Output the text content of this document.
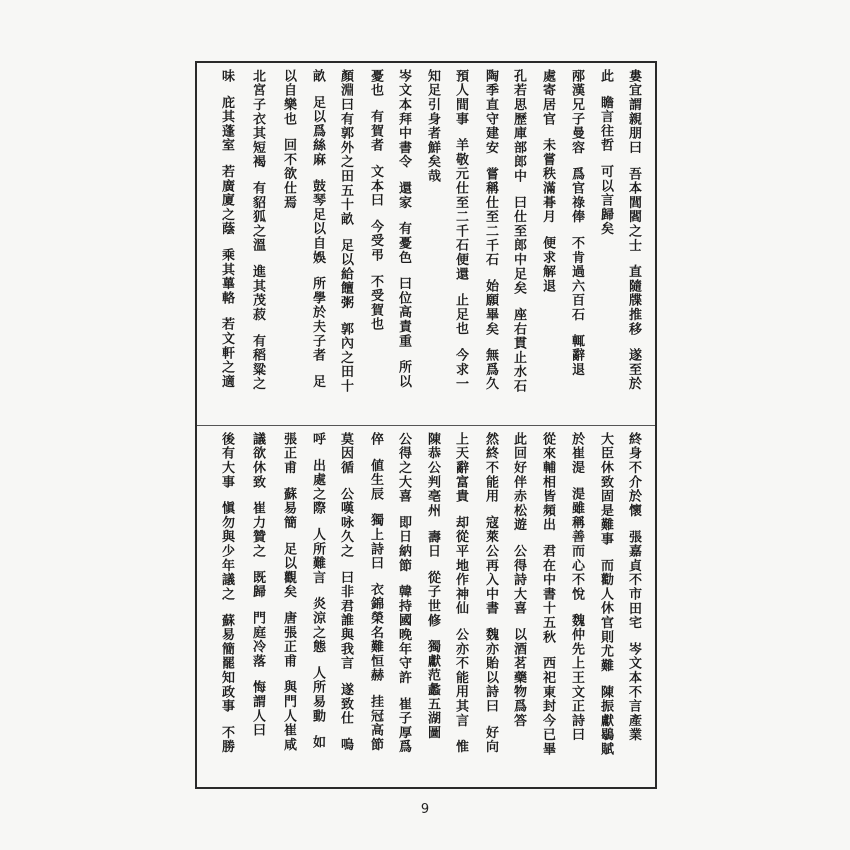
婁宜謂親朋曰吾本閭閻之士直隨牒推移遂至於
此瞻言往哲可以言歸矣
邴漢兄子曼容爲官祿俸不肯過六百石輒辭退
處寄居官未嘗秩滿朞月便求解退
孔若思歷庫部郎中曰仕至郎中足矣座右貫止水石
陶季直守建安嘗稱仕至二千石始願畢矣無爲久
預人間事羊敬元仕至二千石便還止足也今求一
知足引身者鮮矣哉
岑文本拜中書令還家有憂色曰位高責重所以
憂也有賀者文本曰今受弔不受賀也
顏淵曰有郭外之田五十畝足以給饘粥郭內之田十
畝足以爲絲麻鼓琴足以自娛所學於夫子者足
以自樂也回不欲仕焉
北宮子衣其短褐有貂狐之溫進其茂菽有稻粱之
味庇其蓬室若廣廈之蔭乘其蓽輅若文軒之適
終身不介於懷張嘉貞不市田宅岑文本不言產業
大臣休致固是難事而勸人休官則尤難陳振獻鶡賦
於崔湜湜雖稱善而心不悅魏仲先上王文正詩曰
從來輔相皆頻出君在中書十五秋西祀東封今已畢
此回好伴赤松遊公得詩大喜以酒茗藥物爲答
然終不能用寇萊公再入中書魏亦貽以詩曰好向
上天辭富貴却從平地作神仙公亦不能用其言惟
陳恭公判亳州壽日從子世修獨獻范蠡五湖圖
公得之大喜即日納節韓持國晚年守許崔子厚爲
倅値生辰獨上詩曰衣錦榮名難恒赫挂冠高節
莫因循公嘆咏久之曰非君誰與我言遂致仕嗚
呼出處之際人所難言炎涼之態人所易動如
張正甫蘇易簡足以觀矣唐張正甫與門人崔咸
議欲休致崔力贊之既歸門庭冷落悔謂人曰
後有大事愼勿與少年議之蘇易簡罷知政事不勝
9
